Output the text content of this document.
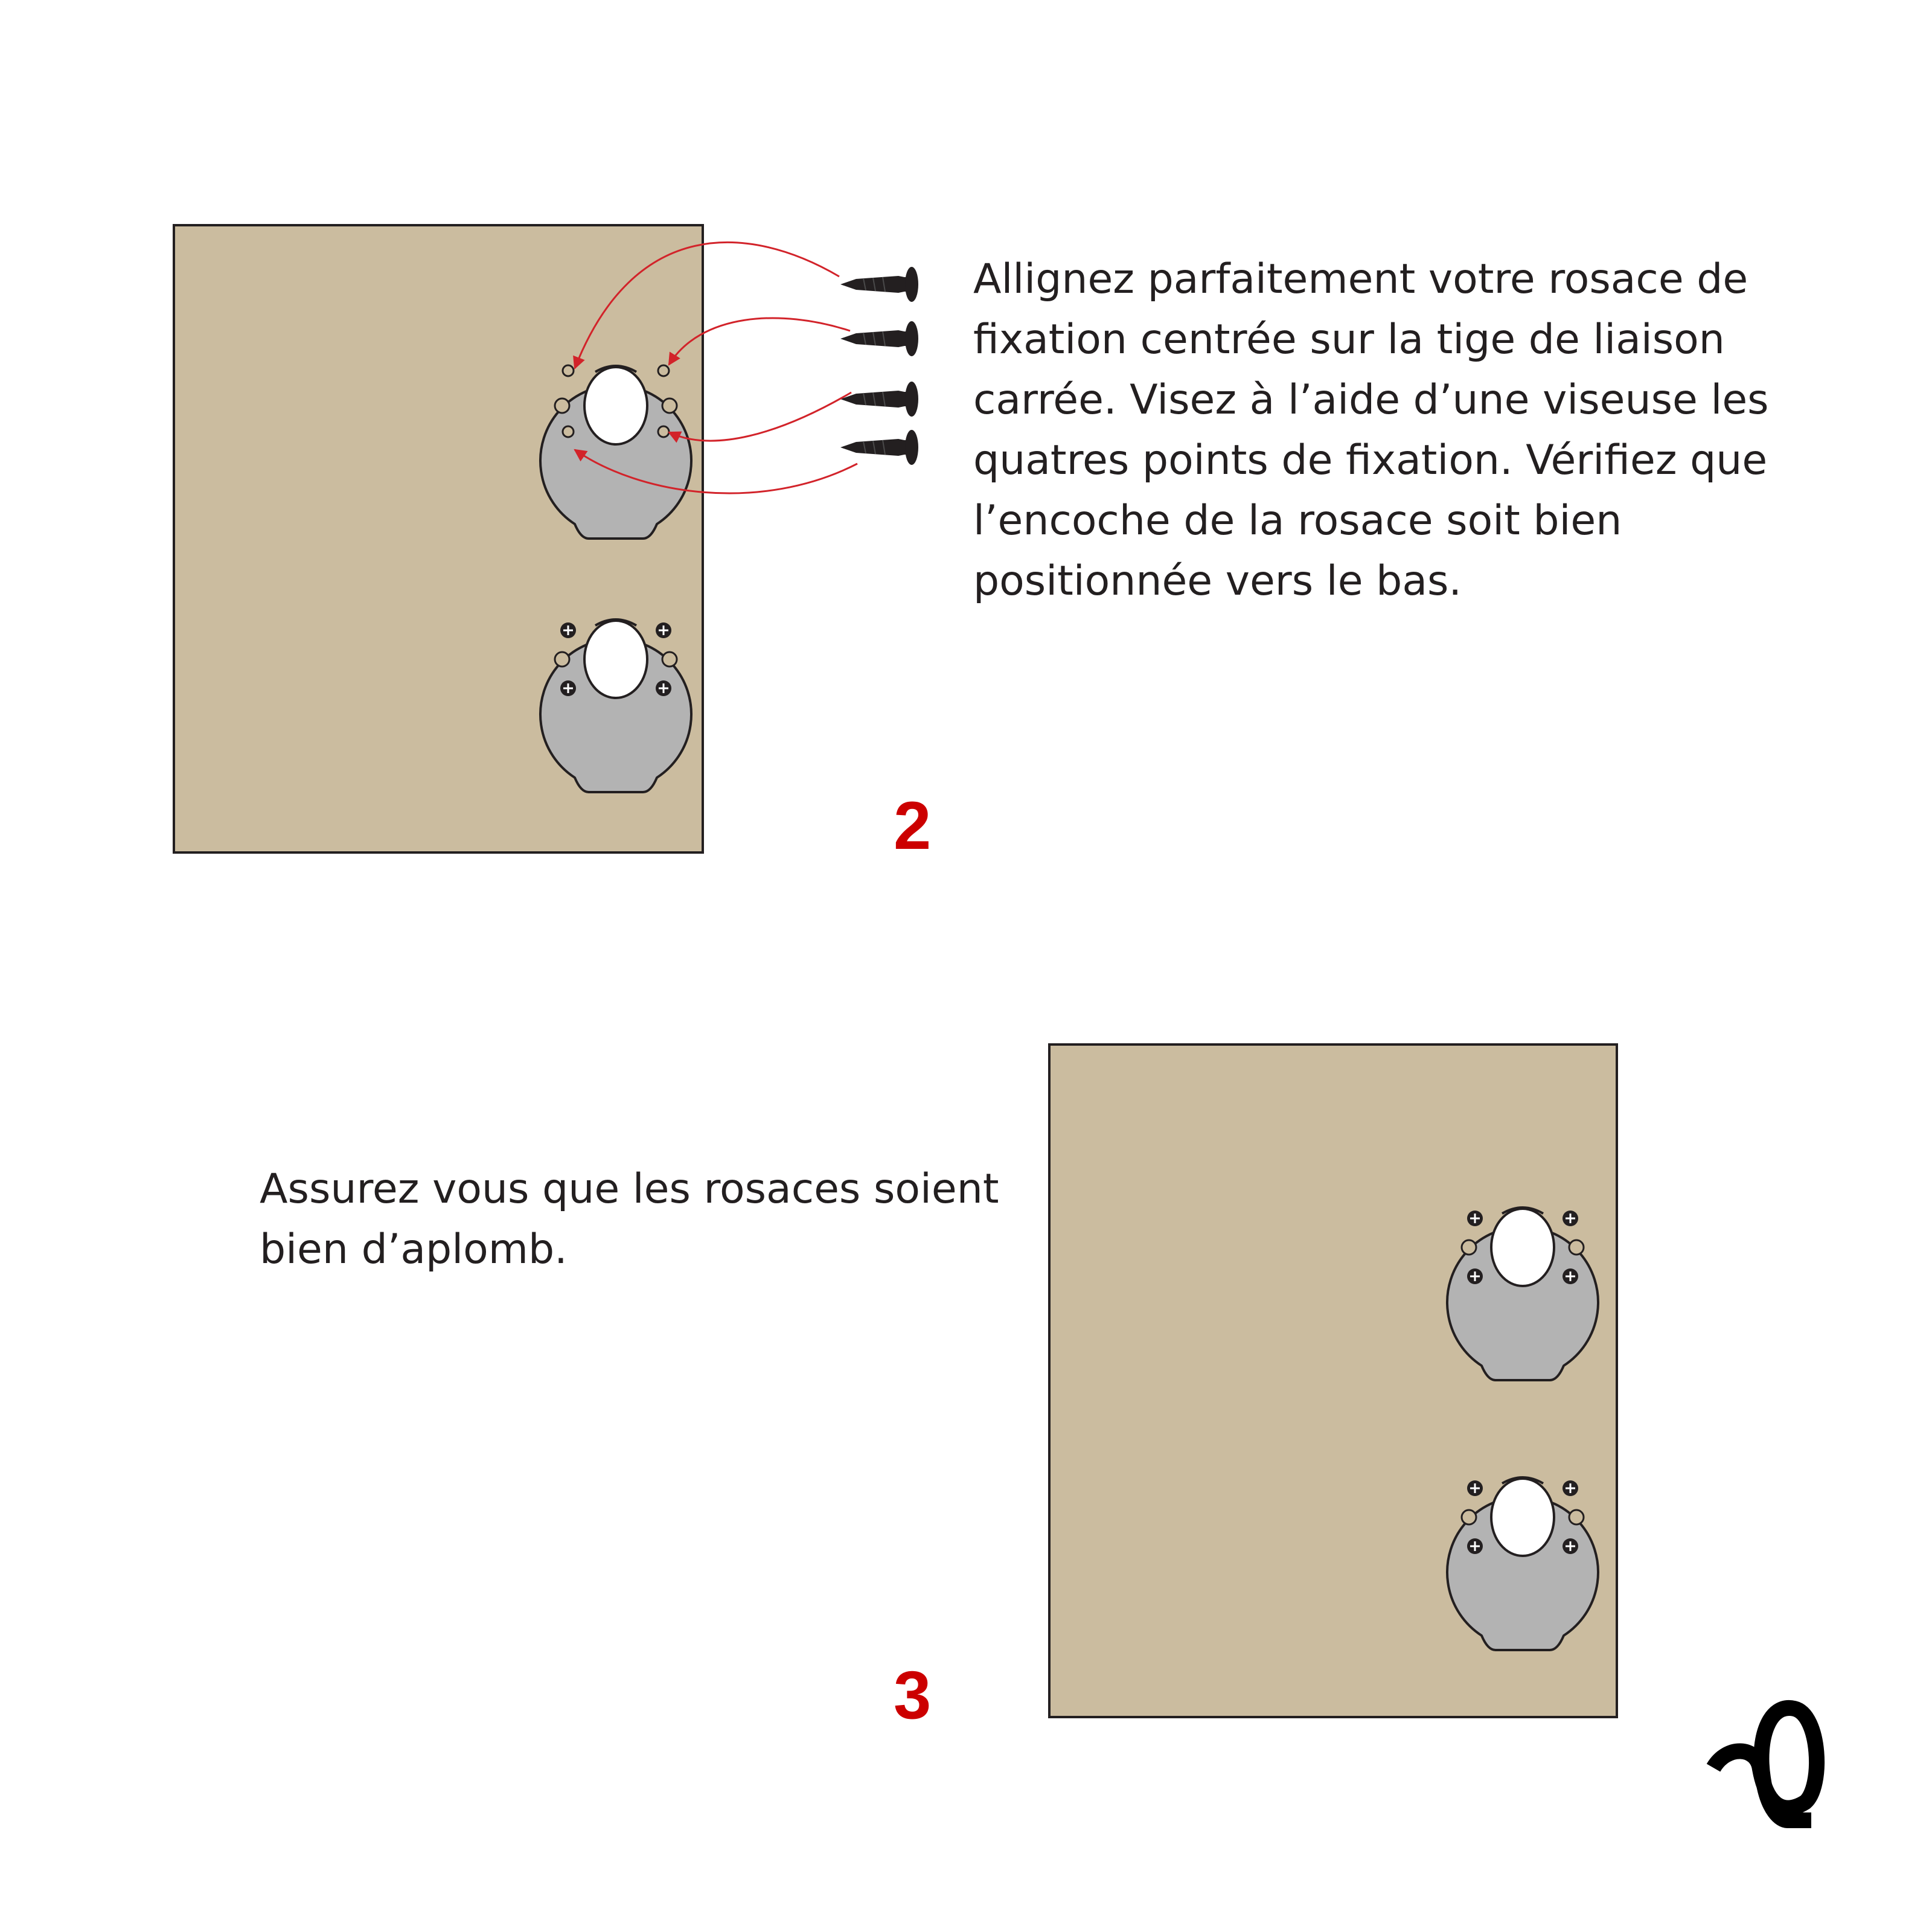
Allignez parfaitement votre rosace de
fixation centrée sur la tige de liaison
carrée. Visez à l’aide d’une viseuse les
quatres points de fixation. Vérifiez que
l’encoche de la rosace soit bien
positionnée vers le bas.
2
Assurez vous que les rosaces soient
bien d’aplomb.
3
